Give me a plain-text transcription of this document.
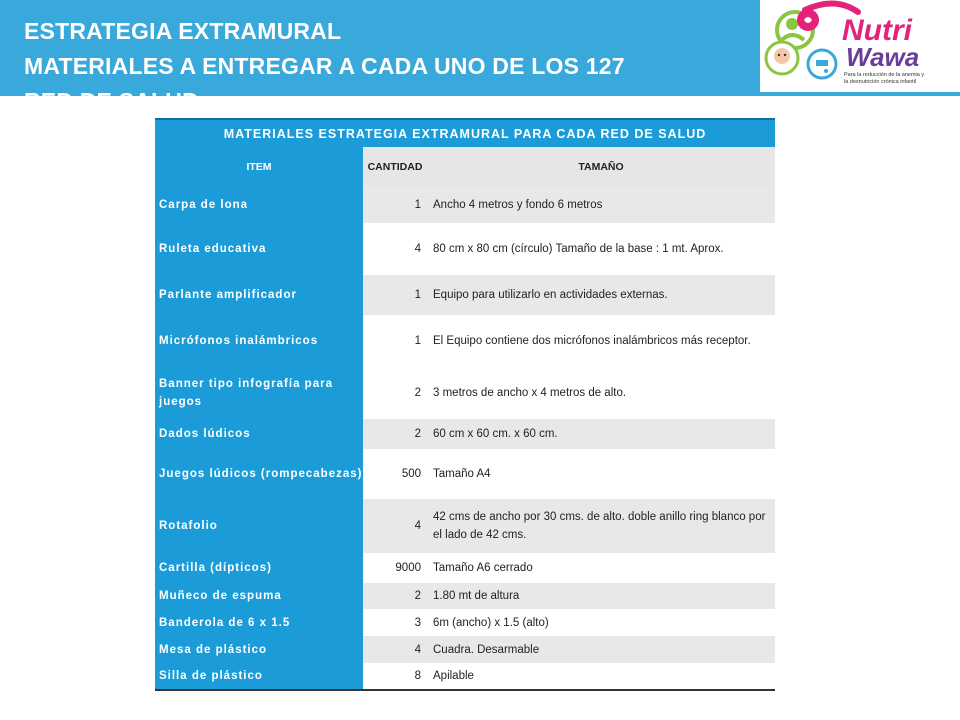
ESTRATEGIA EXTRAMURAL
MATERIALES A ENTREGAR A CADA UNO DE LOS 127
RED DE SALUD
Nutri
Wawa
Para la reducción de la anemia y
la desnutrición crónica infantil
MATERIALES ESTRATEGIA EXTRAMURAL PARA CADA RED DE SALUD		
ITEM	CANTIDAD	TAMAÑO
Carpa de lona	1	Ancho 4 metros y fondo 6 metros
Ruleta educativa	4	80 cm x 80 cm (círculo) Tamaño de la base : 1 mt. Aprox.
Parlante amplificador	1	Equipo para utilizarlo en actividades externas.
Micrófonos inalámbricos	1	El Equipo contiene dos micrófonos inalámbricos más receptor.
Banner tipo infografía para juegos	2	3 metros de ancho x 4 metros de alto.
Dados lúdicos	2	60 cm x 60 cm. x 60 cm.
Juegos lúdicos (rompecabezas)	500	Tamaño A4
Rotafolio	4	42 cms de ancho por 30 cms. de alto. doble anillo ring blanco por el lado de 42 cms.
Cartilla (dípticos)	9000	Tamaño A6 cerrado
Muñeco de espuma	2	1.80 mt de altura
Banderola de 6 x 1.5	3	6m (ancho) x 1.5 (alto)
Mesa de plástico	4	Cuadra. Desarmable
Silla de plástico	8	Apilable
